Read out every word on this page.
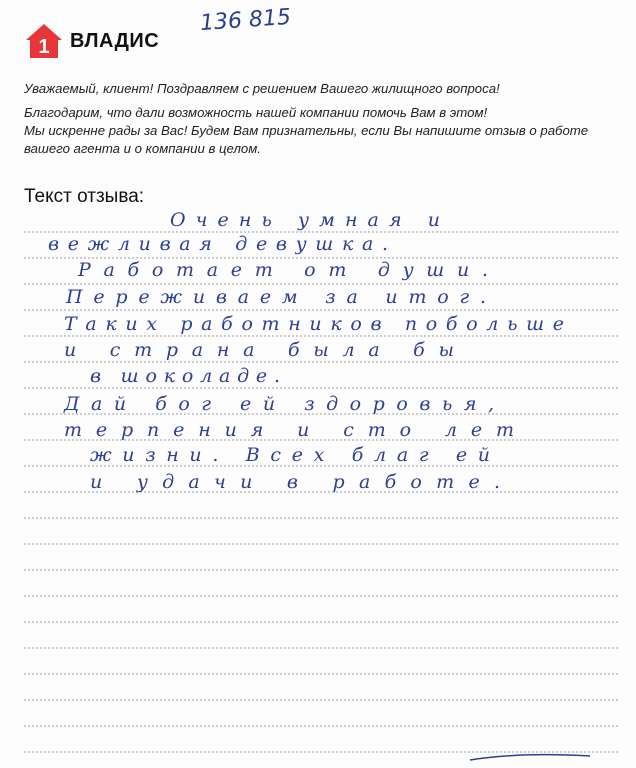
1 ВЛАДИС
136 815

Уважаемый, клиент! Поздравляем с решением Вашего жилищного вопроса!

Благодарим, что дали возможность нашей компании помочь Вам в этом!
Мы искренне рады за Вас! Будем Вам признательны, если Вы напишите отзыв о работе вашего агента и о компании в целом.

Текст отзыва:
Очень умная и
вежливая девушка.
Работает от души.
Переживаем за итог.
Таких работников побольше
и страна была бы
в шоколаде.
Дай бог ей здоровья,
терпения и сто лет
жизни. Всех благ ей
и удачи в работе.
